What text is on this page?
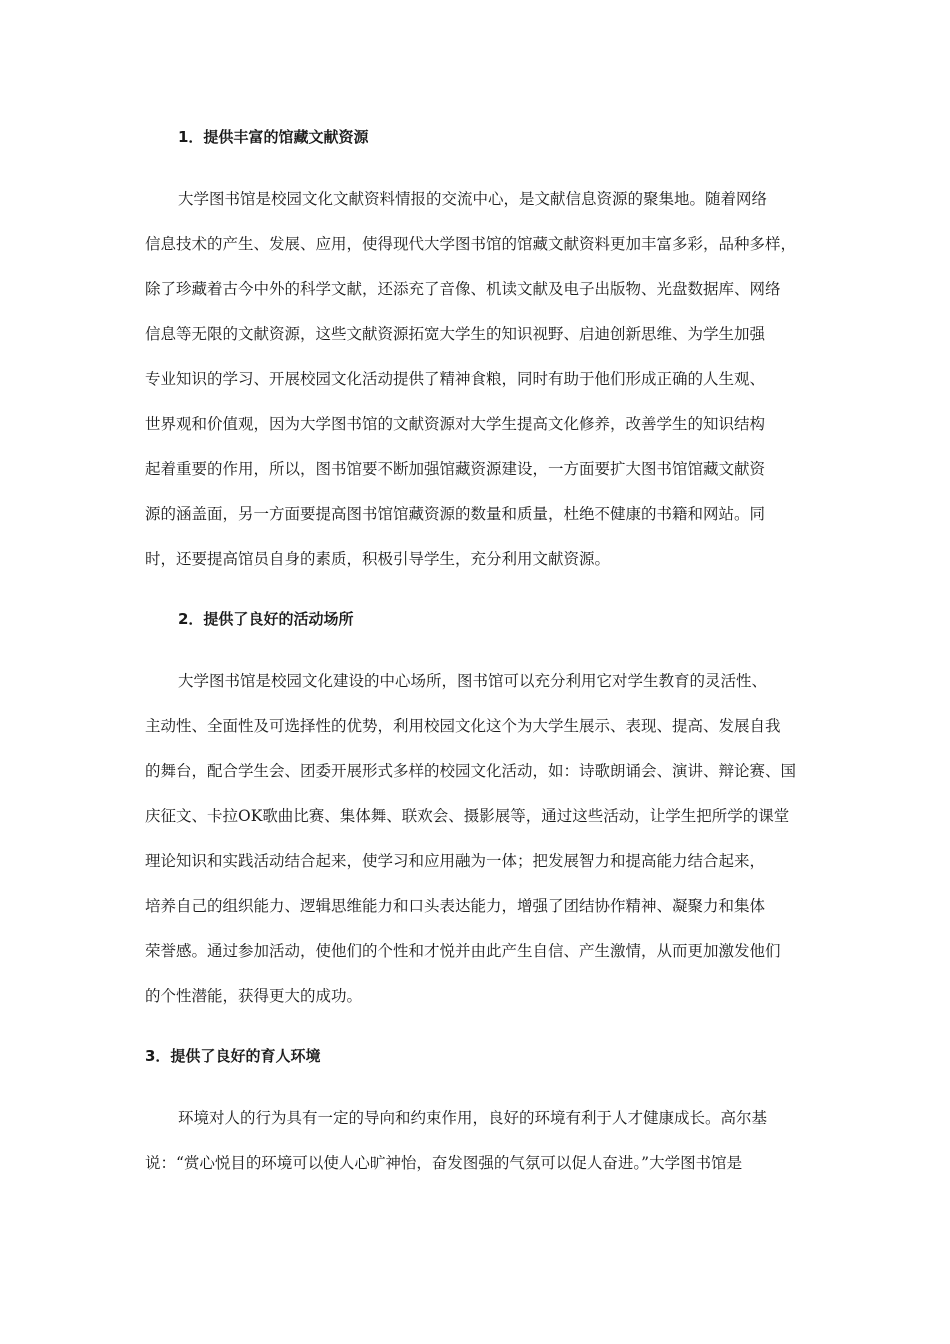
1．提供丰富的馆藏文献资源
大学图书馆是校园文化文献资料情报的交流中心，是文献信息资源的聚集地。随着网络
信息技术的产生、发展、应用，使得现代大学图书馆的馆藏文献资料更加丰富多彩，品种多样，
除了珍藏着古今中外的科学文献，还添充了音像、机读文献及电子出版物、光盘数据库、网络
信息等无限的文献资源，这些文献资源拓宽大学生的知识视野、启迪创新思维、为学生加强
专业知识的学习、开展校园文化活动提供了精神食粮，同时有助于他们形成正确的人生观、
世界观和价值观，因为大学图书馆的文献资源对大学生提高文化修养，改善学生的知识结构
起着重要的作用，所以，图书馆要不断加强馆藏资源建设，一方面要扩大图书馆馆藏文献资
源的涵盖面，另一方面要提高图书馆馆藏资源的数量和质量，杜绝不健康的书籍和网站。同
时，还要提高馆员自身的素质，积极引导学生，充分利用文献资源。
2．提供了良好的活动场所
大学图书馆是校园文化建设的中心场所，图书馆可以充分利用它对学生教育的灵活性、
主动性、全面性及可选择性的优势，利用校园文化这个为大学生展示、表现、提高、发展自我
的舞台，配合学生会、团委开展形式多样的校园文化活动，如：诗歌朗诵会、演讲、辩论赛、国
庆征文、卡拉OK歌曲比赛、集体舞、联欢会、摄影展等，通过这些活动，让学生把所学的课堂
理论知识和实践活动结合起来，使学习和应用融为一体；把发展智力和提高能力结合起来，
培养自己的组织能力、逻辑思维能力和口头表达能力，增强了团结协作精神、凝聚力和集体
荣誉感。通过参加活动，使他们的个性和才悦并由此产生自信、产生激情，从而更加激发他们
的个性潜能，获得更大的成功。
3．提供了良好的育人环境
环境对人的行为具有一定的导向和约束作用，良好的环境有利于人才健康成长。高尔基
说：“赏心悦目的环境可以使人心旷神怡，奋发图强的气氛可以促人奋进。”大学图书馆是
